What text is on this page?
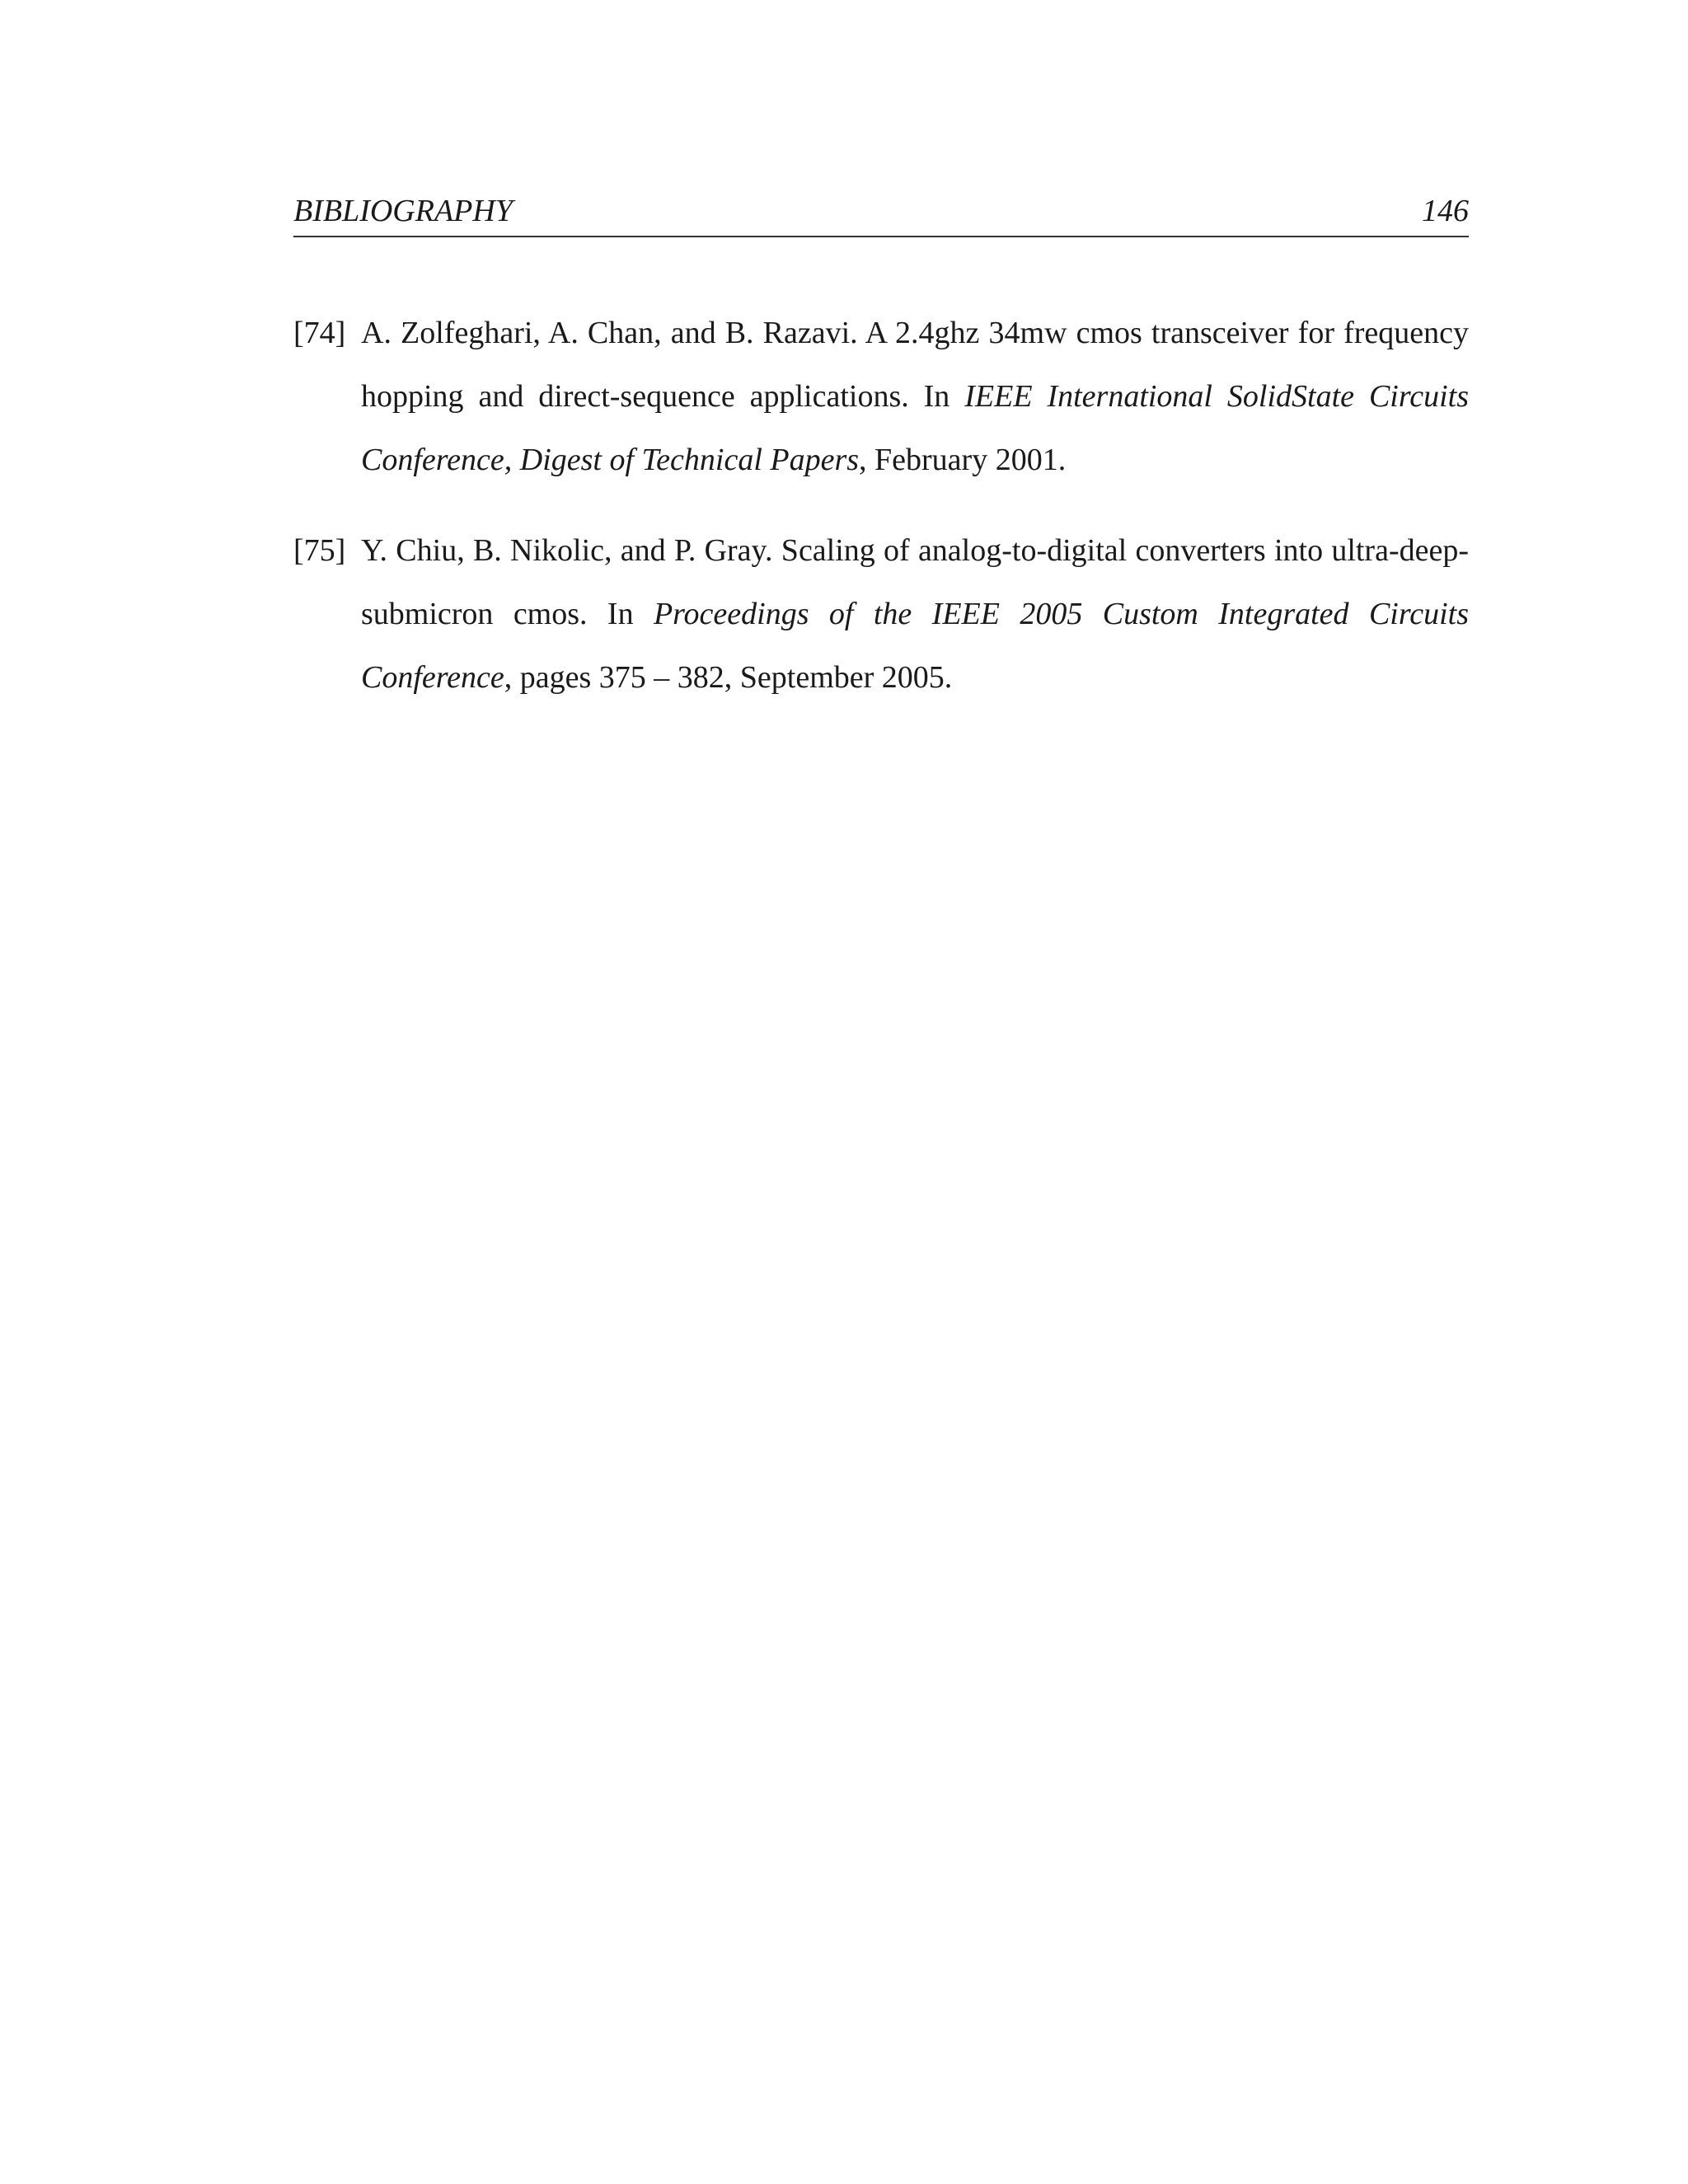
BIBLIOGRAPHY	146
[74] A. Zolfeghari, A. Chan, and B. Razavi. A 2.4ghz 34mw cmos transceiver for frequency hopping and direct-sequence applications. In IEEE International SolidState Circuits Conference, Digest of Technical Papers, February 2001.
[75] Y. Chiu, B. Nikolic, and P. Gray. Scaling of analog-to-digital converters into ultra-deep-submicron cmos. In Proceedings of the IEEE 2005 Custom Integrated Circuits Conference, pages 375 – 382, September 2005.
